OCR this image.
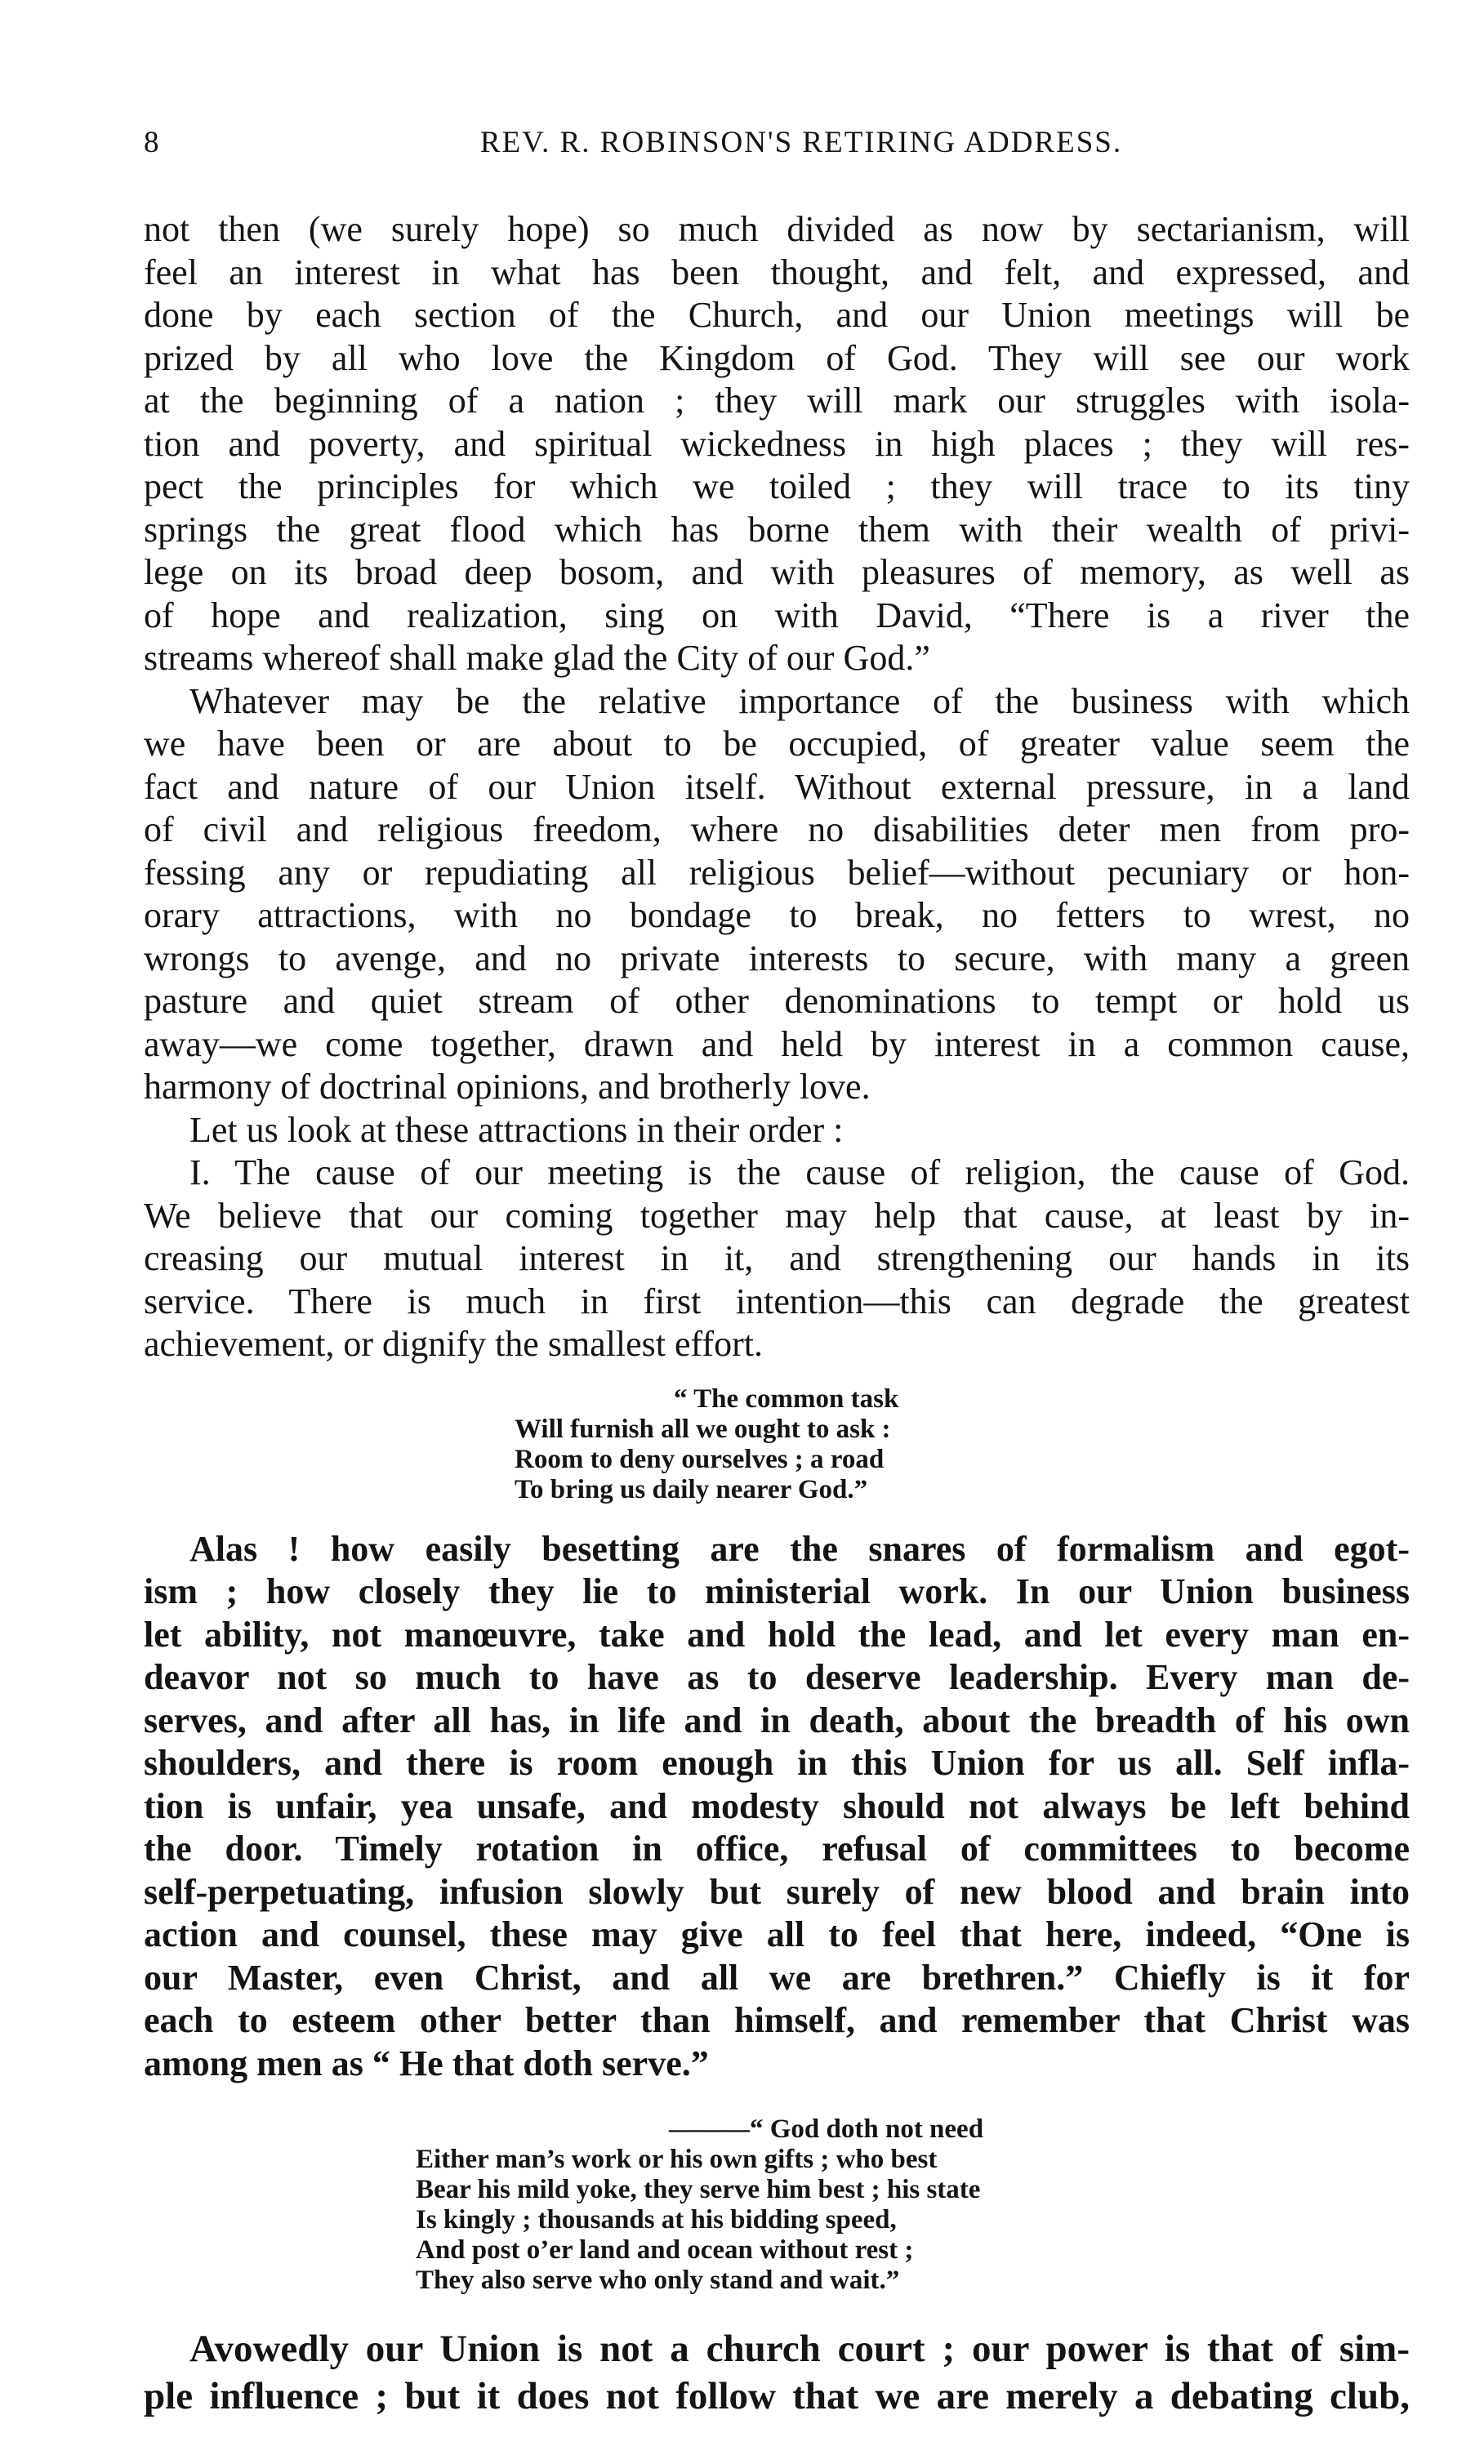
8	REV. R. ROBINSON'S RETIRING ADDRESS.

not then (we surely hope) so much divided as now by sectarianism, will

feel an interest in what has been thought, and felt, and expressed, and

done by each section of the Church, and our Union meetings will be

prized by all who love the Kingdom of God. They will see our work

at the beginning of a nation ; they will mark our struggles with isola-

tion and poverty, and spiritual wickedness in high places ; they will res-

pect the principles for which we toiled ; they will trace to its tiny

springs the great flood which has borne them with their wealth of privi-

lege on its broad deep bosom, and with pleasures of memory, as well as

of hope and realization, sing on with David, “There is a river the

streams whereof shall make glad the City of our God.”

Whatever may be the relative importance of the business with which

we have been or are about to be occupied, of greater value seem the

fact and nature of our Union itself. Without external pressure, in a land

of civil and religious freedom, where no disabilities deter men from pro-

fessing any or repudiating all religious belief—without pecuniary or hon-

orary attractions, with no bondage to break, no fetters to wrest, no

wrongs to avenge, and no private interests to secure, with many a green

pasture and quiet stream of other denominations to tempt or hold us

away—we come together, drawn and held by interest in a common cause,

harmony of doctrinal opinions, and brotherly love.

Let us look at these attractions in their order :

I. The cause of our meeting is the cause of religion, the cause of God.

We believe that our coming together may help that cause, at least by in-

creasing our mutual interest in it, and strengthening our hands in its

service. There is much in first intention—this can degrade the greatest

achievement, or dignify the smallest effort.

“ The common task

Will furnish all we ought to ask :

Room to deny ourselves ; a road

To bring us daily nearer God.”

Alas ! how easily besetting are the snares of formalism and egot-

ism ; how closely they lie to ministerial work. In our Union business

let ability, not manœuvre, take and hold the lead, and let every man en-

deavor not so much to have as to deserve leadership. Every man de-

serves, and after all has, in life and in death, about the breadth of his own

shoulders, and there is room enough in this Union for us all. Self infla-

tion is unfair, yea unsafe, and modesty should not always be left behind

the door. Timely rotation in office, refusal of committees to become

self-perpetuating, infusion slowly but surely of new blood and brain into

action and counsel, these may give all to feel that here, indeed, “One is

our Master, even Christ, and all we are brethren.” Chiefly is it for

each to esteem other better than himself, and remember that Christ was

among men as “ He that doth serve.”

———“ God doth not need

Either man’s work or his own gifts ; who best

Bear his mild yoke, they serve him best ; his state

Is kingly ; thousands at his bidding speed,

And post o’er land and ocean without rest ;

They also serve who only stand and wait.”

Avowedly our Union is not a church court ; our power is that of sim-

ple influence ; but it does not follow that we are merely a debating club,
